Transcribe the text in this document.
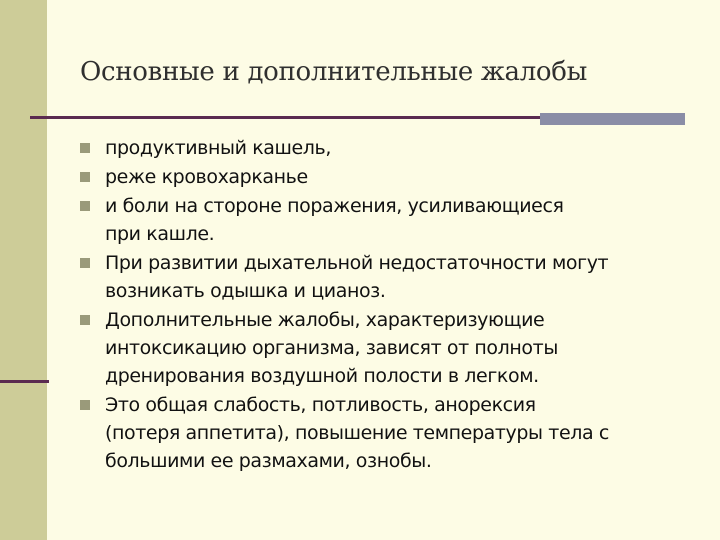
Основные и дополнительные жалобы
продуктивный кашель,
реже кровохарканье
и боли на стороне поражения, усиливающиеся
при кашле.
При развитии дыхательной недостаточности могут
возникать одышка и цианоз.
Дополнительные жалобы, характеризующие
интоксикацию организма, зависят от полноты
дренирования воздушной полости в легком.
Это общая слабость, потливость, анорексия
(потеря аппетита), повышение температуры тела с
большими ее размахами, ознобы.
